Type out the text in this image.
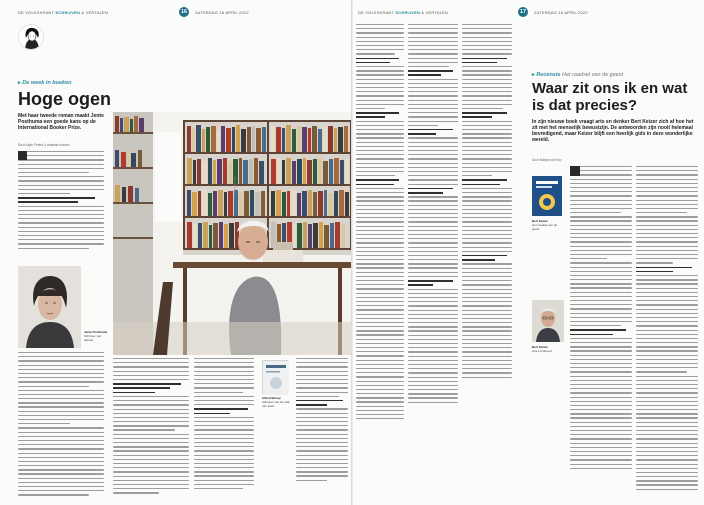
DE VOLKSKRANT SCHRIJVEN & VERTALEN	16	ZATERDAG 16 APRIL 2022
▸ De week in boeken
Hoge ogen
Met haar tweede roman maakt Jente Posthuma een goede kans op de International Booker Prize.
Door Arjan Peters & redactie boeken
Jente Posthuma
Schrijver van debuut
Foto Bart Koetsier
Alfred Birney
Schrijver van De tolk van Java
DE VOLKSKRANT SCHRIJVEN & VERTALEN	17	ZATERDAG 16 APRIL 2022
▸ Recensie Het raadsel van de geest
Waar zit ons ik en wat is dat precies?
In zijn nieuwe boek vraagt arts en denker Bert Keizer zich af hoe het zit met het menselijk bewustzijn. De antwoorden zijn nooit helemaal bevredigend, maar Keizer blijft een heerlijk gids in deze wonderlijke wereld.
Door Marjan van Erp
Bert Keizer
Het raadsel van de geest
Bert Keizer
Arts en filosoof
